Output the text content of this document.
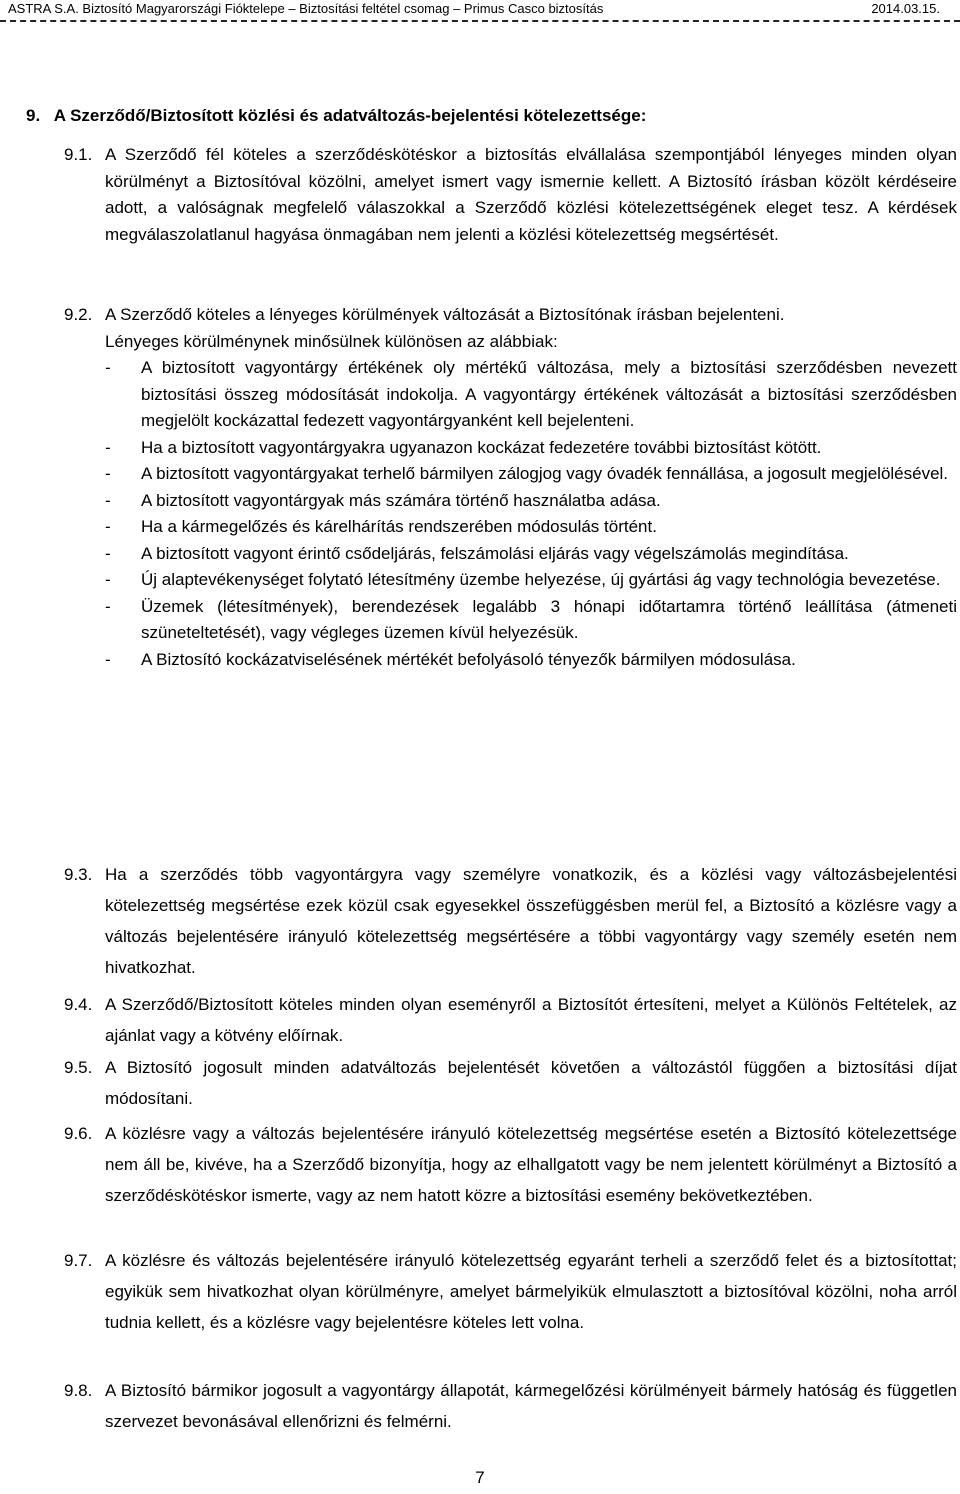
ASTRA S.A. Biztosító Magyarországi Fióktelepe – Biztosítási feltétel csomag – Primus Casco biztosítás	2014.03.15.
9.   A Szerződő/Biztosított közlési és adatváltozás-bejelentési kötelezettsége:
9.1. A Szerződő fél köteles a szerződéskötéskor a biztosítás elvállalása szempontjából lényeges minden olyan körülményt a Biztosítóval közölni, amelyet ismert vagy ismernie kellett. A Biztosító írásban közölt kérdéseire adott, a valóságnak megfelelő válaszokkal a Szerződő közlési kötelezettségének eleget tesz. A kérdések megválaszolatlanul hagyása önmagában nem jelenti a közlési kötelezettség megsértését.
9.2. A Szerződő köteles a lényeges körülmények változását a Biztosítónak írásban bejelenteni.
Lényeges körülménynek minősülnek különösen az alábbiak:
- A biztosított vagyontárgy értékének oly mértékű változása, mely a biztosítási szerződésben nevezett biztosítási összeg módosítását indokolja. A vagyontárgy értékének változását a biztosítási szerződésben megjelölt kockázattal fedezett vagyontárgyanként kell bejelenteni.
- Ha a biztosított vagyontárgyakra ugyanazon kockázat fedezetére további biztosítást kötött.
- A biztosított vagyontárgyakat terhelő bármilyen zálogjog vagy óvadék fennállása, a jogosult megjelölésével.
- A biztosított vagyontárgyak más számára történő használatba adása.
- Ha a kármegelőzés és kárelhárítás rendszerében módosulás történt.
- A biztosított vagyont érintő csődeljárás, felszámolási eljárás vagy végelszámolás megindítása.
- Új alaptevékenységet folytató létesítmény üzembe helyezése, új gyártási ág vagy technológia bevezetése.
- Üzemek (létesítmények), berendezések legalább 3 hónapi időtartamra történő leállítása (átmeneti szüneteltetését), vagy végleges üzemen kívül helyezésük.
- A Biztosító kockázatviselésének mértékét befolyásoló tényezők bármilyen módosulása.
9.3. Ha a szerződés több vagyontárgyra vagy személyre vonatkozik, és a közlési vagy változásbejelentési kötelezettség megsértése ezek közül csak egyesekkel összefüggésben merül fel, a Biztosító a közlésre vagy a változás bejelentésére irányuló kötelezettség megsértésére a többi vagyontárgy vagy személy esetén nem hivatkozhat.
9.4. A Szerződő/Biztosított köteles minden olyan eseményről a Biztosítót értesíteni, melyet a Különös Feltételek, az ajánlat vagy a kötvény előírnak.
9.5. A Biztosító jogosult minden adatváltozás bejelentését követően a változástól függően a biztosítási díjat módosítani.
9.6. A közlésre vagy a változás bejelentésére irányuló kötelezettség megsértése esetén a Biztosító kötelezettsége nem áll be, kivéve, ha a Szerződő bizonyítja, hogy az elhallgatott vagy be nem jelentett körülményt a Biztosító a szerződéskötéskor ismerte, vagy az nem hatott közre a biztosítási esemény bekövetkeztében.
9.7. A közlésre és változás bejelentésére irányuló kötelezettség egyaránt terheli a szerződő felet és a biztosítottat; egyikük sem hivatkozhat olyan körülményre, amelyet bármelyikük elmulasztott a biztosítóval közölni, noha arról tudnia kellett, és a közlésre vagy bejelentésre köteles lett volna.
9.8. A Biztosító bármikor jogosult a vagyontárgy állapotát, kármegelőzési körülményeit bármely hatóság és független szervezet bevonásával ellenőrizni és felmérni.
7
